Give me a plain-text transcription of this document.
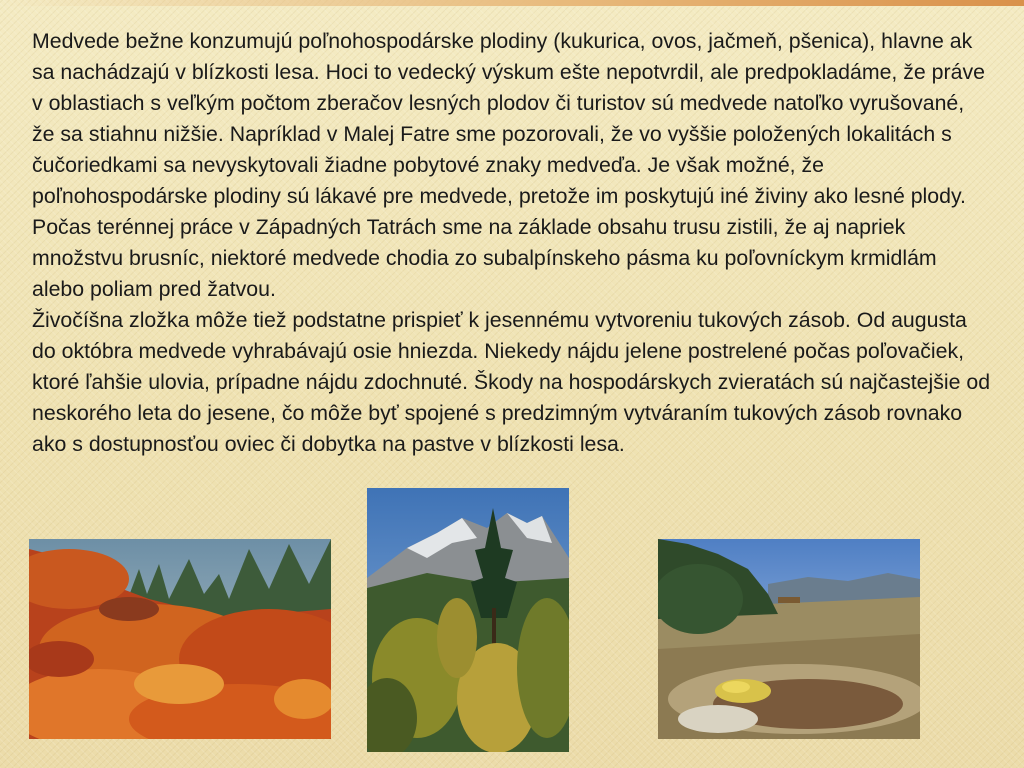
Medvede bežne konzumujú poľnohospodárske plodiny (kukurica, ovos, jačmeň, pšenica), hlavne ak sa nachádzajú v blízkosti lesa. Hoci to vedecký výskum ešte nepotvrdil, ale predpokladáme, že práve v oblastiach s veľkým počtom zberačov lesných plodov či turistov sú medvede natoľko vyrušované, že sa stiahnu nižšie. Napríklad v Malej Fatre sme pozorovali, že vo vyššie položených lokalitách s čučoriedkami sa nevyskytovali žiadne pobytové znaky medveďa. Je však možné, že poľnohospodárske plodiny sú lákavé pre medvede, pretože im poskytujú iné živiny ako lesné plody. Počas terénnej práce v Západných Tatrách sme na základe obsahu trusu zistili, že aj napriek množstvu brusníc, niektoré medvede chodia zo subalpínskeho pásma ku poľovníckym krmidlám alebo poliam pred žatvou.

Živočíšna zložka môže tiež podstatne prispieť k jesennému vytvoreniu tukových zásob. Od augusta do októbra medvede vyhrabávajú osie hniezda. Niekedy nájdu jelene postrelené počas poľovačiek, ktoré ľahšie ulovia, prípadne nájdu zdochnuté. Škody na hospodárskych zvieratách sú najčastejšie od neskorého leta do jesene, čo môže byť spojené s predzimným vytváraním tukových zásob rovnako ako s dostupnosťou oviec či dobytka na pastve v blízkosti lesa.
